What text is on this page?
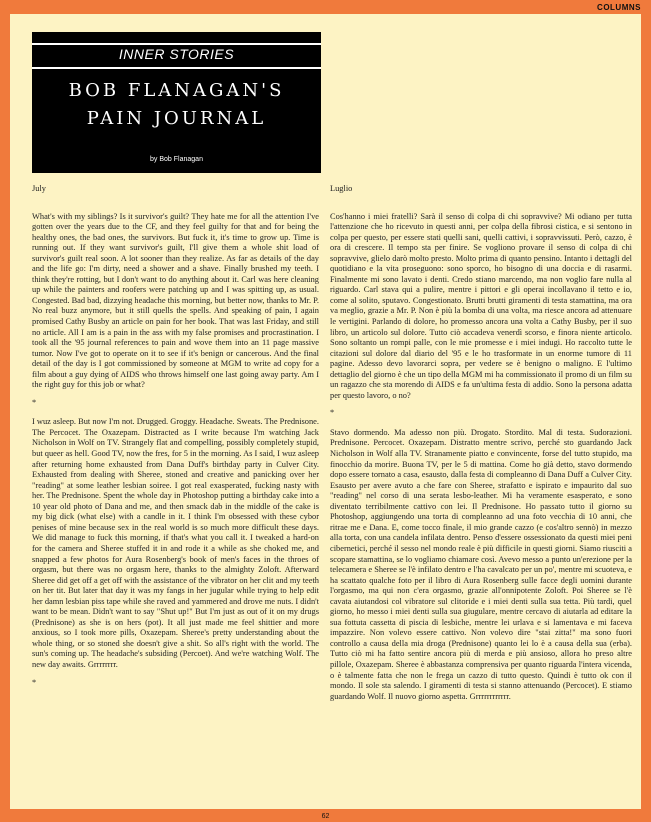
COLUMNS
INNER STORIES
BOB FLANAGAN'S
PAIN JOURNAL
by Bob Flanagan

July

What's with my siblings? Is it survivor's guilt? They hate me for all the attention I've gotten over the years due to the CF, and they feel guilty for that and for being the healthy ones, the bad ones, the survivors. But fuck it, it's time to grow up. Time is running out. If they want survivor's guilt, I'll give them a whole shit load of survivor's guilt real soon. A lot sooner than they realize. As far as details of the day and the life go: I'm dirty, need a shower and a shave. Finally brushed my teeth. I think they're rotting, but I don't want to do anything about it. Carl was here cleaning up while the painters and roofers were patching up and I was spitting up, as usual. Congested. Bad bad, dizzying headache this morning, but better now, thanks to Mr. P. No real buzz anymore, but it still quells the spells. And speaking of pain, I again promised Cathy Busby an article on pain for her book. That was last Friday, and still no article. All I am is a pain in the ass with my false promises and procrastination. I took all the '95 journal references to pain and wove them into an 11 page massive tumor. Now I've got to operate on it to see if it's benign or cancerous. And the final detail of the day is I got commissioned by someone at MGM to write ad copy for a film about a guy dying of AIDS who throws himself one last going away party. Am I the right guy for this job or what?

*

I wuz asleep. But now I'm not. Drugged. Groggy. Headache. Sweats. The Prednisone. The Percocet. The Oxazepam. Distracted as I write because I'm watching Jack Nicholson in Wolf on TV. Strangely flat and compelling, possibly completely stupid, but queer as hell. Good TV, now the fres, for 5 in the morning. As I said, I wuz asleep after returning home exhausted from Dana Duff's birthday party in Culver City. Exhausted from dealing with Sheree, stoned and creative and panicking over her "reading" at some leather lesbian soiree. I got real exasperated, fucking nasty with her. The Prednisone. Spent the whole day in Photoshop putting a birthday cake into a 10 year old photo of Dana and me, and then smack dab in the middle of the cake is my big dick (what else) with a candle in it. I think I'm obsessed with these cybor penises of mine because sex in the real world is so much more difficult these days. We did manage to fuck this morning, if that's what you call it. I tweaked a hard-on for the camera and Sheree stuffed it in and rode it a while as she choked me, and snapped a few photos for Aura Rosenberg's book of men's faces in the throes of orgasm, but there was no orgasm here, thanks to the almighty Zoloft. Afterward Sheree did get off a get off with the assistance of the vibrator on her clit and my teeth on her tit. But later that day it was my fangs in her jugular while trying to help edit her damn lesbian piss tape while she raved and yammered and drove me nuts. I didn't want to be mean. Didn't want to say "Shut up!" But I'm just as out of it on my drugs (Prednisone) as she is on hers (pot). It all just made me feel shittier and more anxious, so I took more pills, Oxazepam. Sheree's pretty understanding about the whole thing, or so stoned she doesn't give a shit. So all's right with the world. The sun's coming up. The headache's subsiding (Percoet). And we're watching Wolf. The new day awaits. Grrrrrrrr.

*

Luglio

Cos'hanno i miei fratelli? Sarà il senso di colpa di chi sopravvive? Mi odiano per tutta l'attenzione che ho ricevuto in questi anni, per colpa della fibrosi cistica, e si sentono in colpa per questo, per essere stati quelli sani, quelli cattivi, i sopravvissuti. Però, cazzo, è ora di crescere. Il tempo sta per finire. Se vogliono provare il senso di colpa di chi sopravvive, glielo darò molto presto. Molto prima di quanto pensino. Intanto i dettagli del quotidiano e la vita proseguono: sono sporco, ho bisogno di una doccia e di rasarmi. Finalmente mi sono lavato i denti. Credo stiano marcendo, ma non voglio fare nulla al riguardo. Carl stava qui a pulire, mentre i pittori e gli operai incollavano il tetto e io, come al solito, sputavo. Congestionato. Brutti brutti giramenti di testa stamattina, ma ora va meglio, grazie a Mr. P. Non è più la bomba di una volta, ma riesce ancora ad attenuare le vertigini. Parlando di dolore, ho promesso ancora una volta a Cathy Busby, per il suo libro, un articolo sul dolore. Tutto ciò accadeva venerdì scorso, e finora niente articolo. Sono soltanto un rompi palle, con le mie promesse e i miei indugi. Ho raccolto tutte le citazioni sul dolore dal diario del '95 e le ho trasformate in un enorme tumore di 11 pagine. Adesso devo lavorarci sopra, per vedere se è benigno o maligno. E l'ultimo dettaglio del giorno è che un tipo della MGM mi ha commissionato il promo di un film su un ragazzo che sta morendo di AIDS e fa un'ultima festa di addio. Sono la persona adatta per questo lavoro, o no?

*

Stavo dormendo. Ma adesso non più. Drogato. Stordito. Mal di testa. Sudorazioni. Prednisone. Percocet. Oxazepam. Distratto mentre scrivo, perché sto guardando Jack Nicholson in Wolf alla TV. Stranamente piatto e convincente, forse del tutto stupido, ma finocchio da morire. Buona TV, per le 5 di mattina. Come ho già detto, stavo dormendo dopo essere tornato a casa, esausto, dalla festa di compleanno di Dana Duff a Culver City. Esausto per avere avuto a che fare con Sheree, strafatto e ispirato e impaurito dal suo "reading" nel corso di una serata lesbo-leather. Mi ha veramente esasperato, e sono diventato terribilmente cattivo con lei. Il Prednisone. Ho passato tutto il giorno su Photoshop, aggiungendo una torta di compleanno ad una foto vecchia di 10 anni, che ritrae me e Dana. E, come tocco finale, il mio grande cazzo (e cos'altro sennò) in mezzo alla torta, con una candela infilata dentro. Penso d'essere ossessionato da questi miei peni cibernetici, perché il sesso nel mondo reale è più difficile in questi giorni. Siamo riusciti a scopare stamattina, se lo vogliamo chiamare così. Avevo messo a punto un'erezione per la telecamera e Sheree se l'è infilato dentro e l'ha cavalcato per un po', mentre mi scuoteva, e ha scattato qualche foto per il libro di Aura Rosenberg sulle facce degli uomini durante l'orgasmo, ma qui non c'era orgasmo, grazie all'onnipotente Zoloft. Poi Sheree se l'è cavata aiutandosi col vibratore sul clitoride e i miei denti sulla sua tetta. Più tardi, quel giorno, ho messo i miei denti sulla sua giugulare, mentre cercavo di aiutarla ad editare la sua fottuta cassetta di piscia di lesbiche, mentre lei urlava e si lamentava e mi faceva impazzire. Non volevo essere cattivo. Non volevo dire "stai zitta!" ma sono fuori controllo a causa della mia droga (Prednisone) quanto lei lo è a causa della sua (erba). Tutto ciò mi ha fatto sentire ancora più di merda e più ansioso, allora ho preso altre pillole, Oxazepam. Sheree è abbastanza comprensiva per quanto riguarda l'intera vicenda, o è talmente fatta che non le frega un cazzo di tutto questo. Quindi è tutto ok con il mondo. Il sole sta salendo. I giramenti di testa si stanno attenuando (Percocet). E stiamo guardando Wolf. Il nuovo giorno aspetta. Grrrrrrrrrrrr.

62
